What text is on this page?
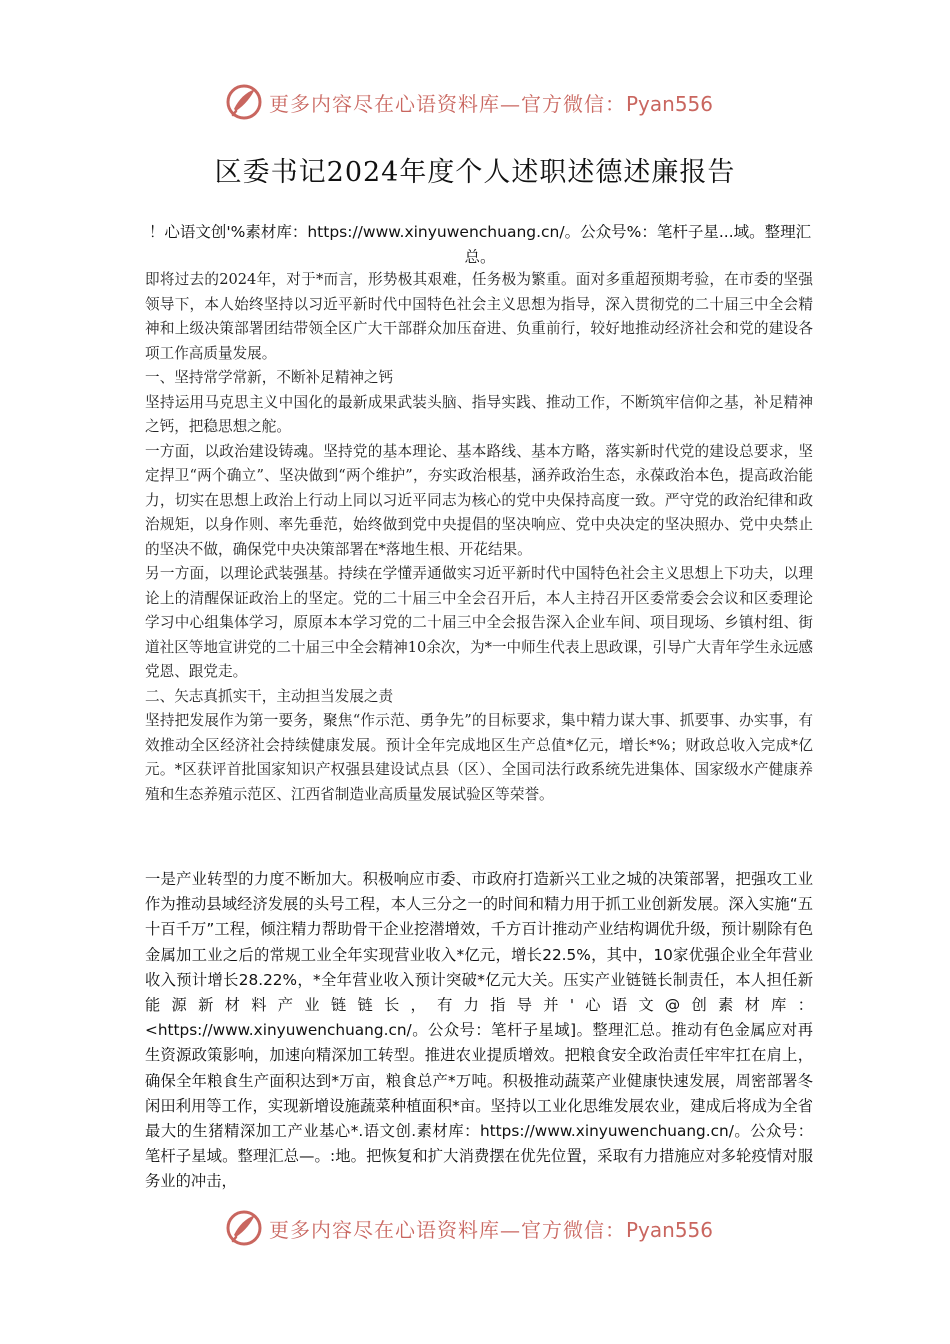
更多内容尽在心语资料库—官方微信：Pyan556
区委书记2024年度个人述职述德述廉报告
！心语文创'%素材库：https://www.xinyuwenchuang.cn/。公众号%：笔杆子星...域。整理汇总。

即将过去的2024年，对于*而言，形势极其艰难，任务极为繁重。面对多重超预期考验，在市委的坚强领导下，本人始终坚持以习近平新时代中国特色社会主义思想为指导，深入贯彻党的二十届三中全会精神和上级决策部署团结带领全区广大干部群众加压奋进、负重前行，较好地推动经济社会和党的建设各项工作高质量发展。

一、坚持常学常新，不断补足精神之钙

坚持运用马克思主义中国化的最新成果武装头脑、指导实践、推动工作，不断筑牢信仰之基，补足精神之钙，把稳思想之舵。

一方面，以政治建设铸魂。坚持党的基本理论、基本路线、基本方略，落实新时代党的建设总要求，坚定捍卫“两个确立”、坚决做到“两个维护”，夯实政治根基，涵养政治生态，永葆政治本色，提高政治能力，切实在思想上政治上行动上同以习近平同志为核心的党中央保持高度一致。严守党的政治纪律和政治规矩，以身作则、率先垂范，始终做到党中央提倡的坚决响应、党中央决定的坚决照办、党中央禁止的坚决不做，确保党中央决策部署在*落地生根、开花结果。

另一方面，以理论武装强基。持续在学懂弄通做实习近平新时代中国特色社会主义思想上下功夫，以理论上的清醒保证政治上的坚定。党的二十届三中全会召开后，本人主持召开区委常委会会议和区委理论学习中心组集体学习，原原本本学习党的二十届三中全会报告深入企业车间、项目现场、乡镇村组、街道社区等地宣讲党的二十届三中全会精神10余次，为*一中师生代表上思政课，引导广大青年学生永远感党恩、跟党走。

二、矢志真抓实干，主动担当发展之责

坚持把发展作为第一要务，聚焦“作示范、勇争先”的目标要求，集中精力谋大事、抓要事、办实事，有效推动全区经济社会持续健康发展。预计全年完成地区生产总值*亿元，增长*%；财政总收入完成*亿元。*区获评首批国家知识产权强县建设试点县（区）、全国司法行政系统先进集体、国家级水产健康养殖和生态养殖示范区、江西省制造业高质量发展试验区等荣誉。

一是产业转型的力度不断加大。积极响应市委、市政府打造新兴工业之城的决策部署，把强攻工业作为推动县域经济发展的头号工程，本人三分之一的时间和精力用于抓工业创新发展。深入实施“五十百千万”工程，倾注精力帮助骨干企业挖潜增效，千方百计推动产业结构调优升级，预计剔除有色金属加工业之后的常规工业全年实现营业收入*亿元，增长22.5%，其中，10家优强企业全年营业收入预计增长28.22%，*全年营业收入预计突破*亿元大关。压实产业链链长制责任，本人担任新能源新材料产业链链长，有力指导并'心语文@创素材库：<https://www.xinyuwenchuang.cn/。公众号：笔杆子星域]。整理汇总。推动有色金属应对再生资源政策影响，加速向精深加工转型。推进农业提质增效。把粮食安全政治责任牢牢扛在肩上，确保全年粮食生产面积达到*万亩，粮食总产*万吨。积极推动蔬菜产业健康快速发展，周密部署冬闲田利用等工作，实现新增设施蔬菜种植面积*亩。坚持以工业化思维发展农业，建成后将成为全省最大的生猪精深加工产业基心*.语文创.素材库：https://www.xinyuwenchuang.cn/。公众号：笔杆子星域。整理汇总—。:地。把恢复和扩大消费摆在优先位置，采取有力措施应对多轮疫情对服务业的冲击，

更多内容尽在心语资料库—官方微信：Pyan556
